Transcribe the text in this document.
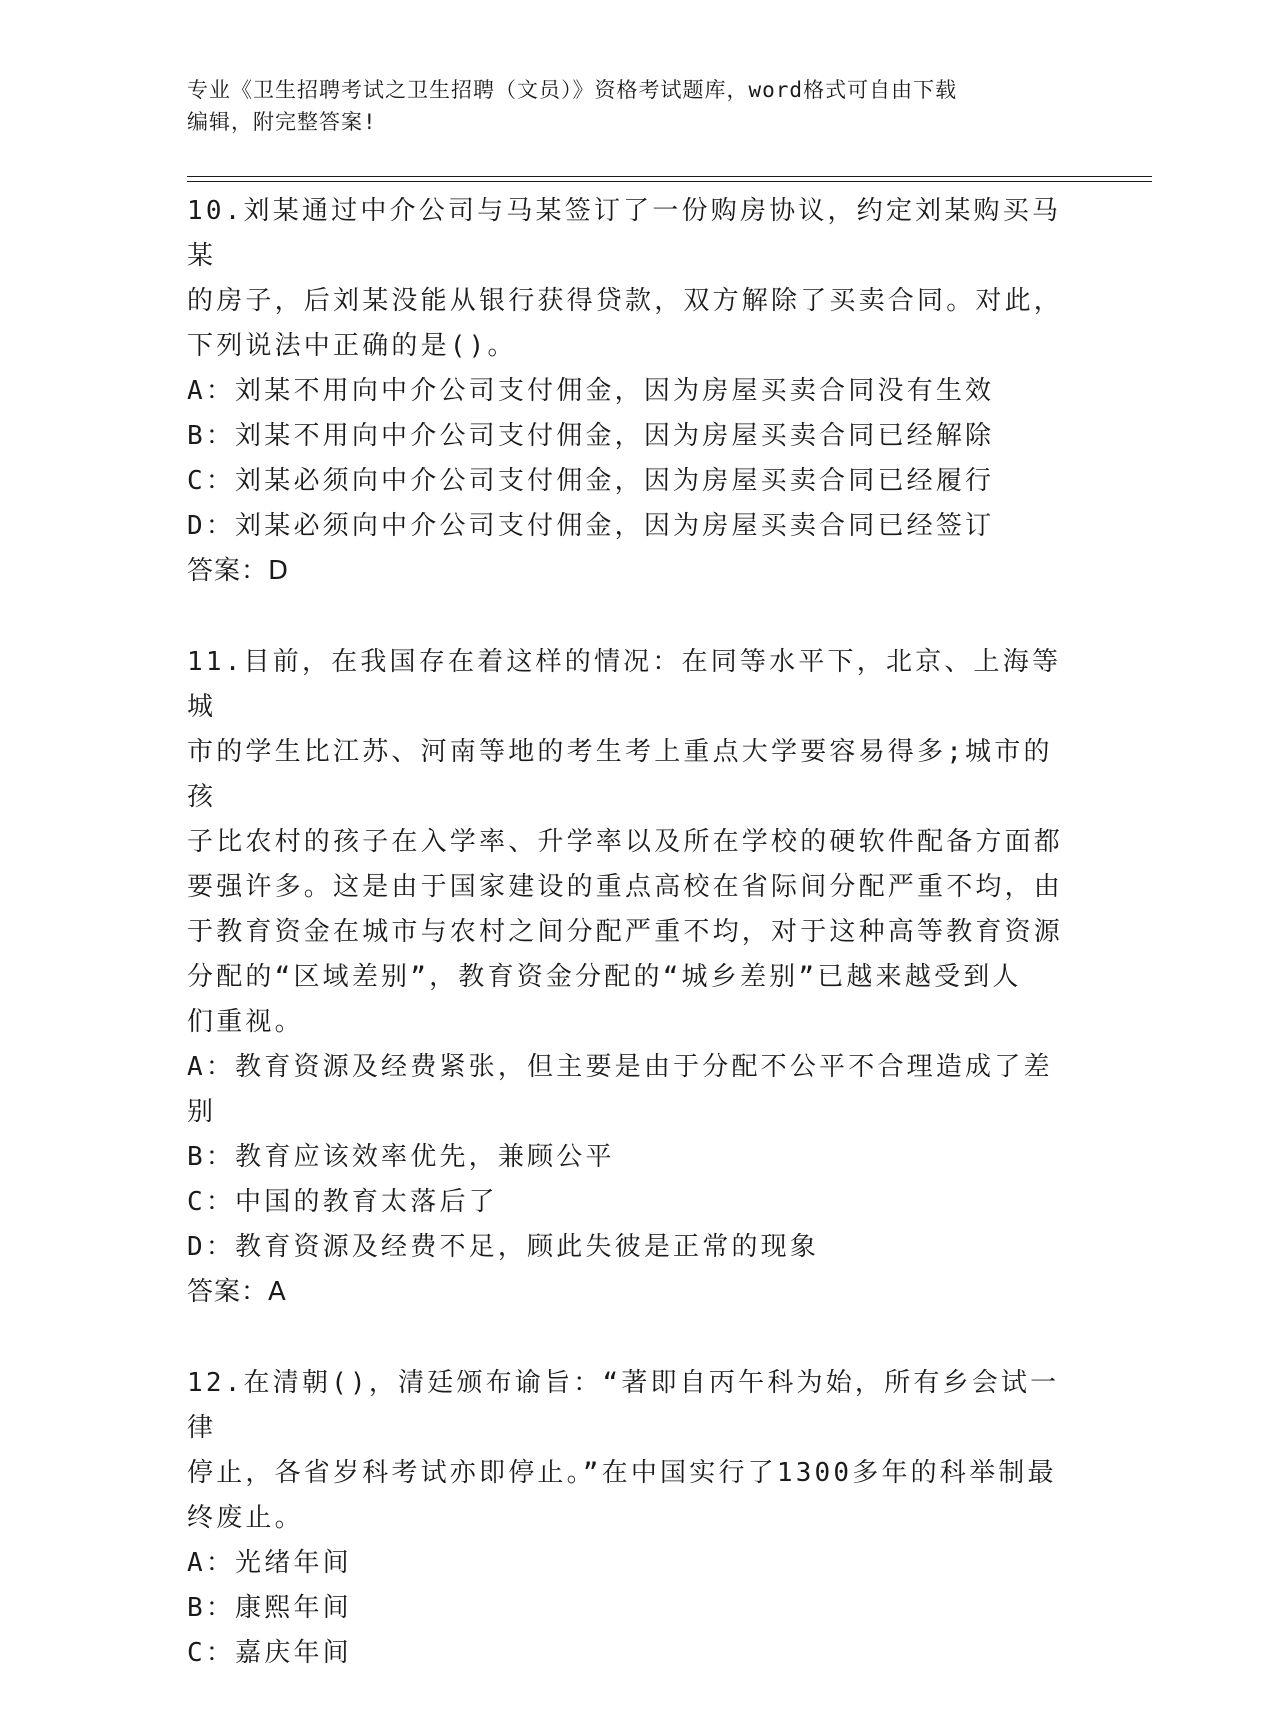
专业《卫生招聘考试之卫生招聘（文员）》资格考试题库，word格式可自由下载
编辑，附完整答案!

10.刘某通过中介公司与马某签订了一份购房协议，约定刘某购买马某

的房子，后刘某没能从银行获得贷款，双方解除了买卖合同。对此，

下列说法中正确的是()。

A：刘某不用向中介公司支付佣金，因为房屋买卖合同没有生效

B：刘某不用向中介公司支付佣金，因为房屋买卖合同已经解除

C：刘某必须向中介公司支付佣金，因为房屋买卖合同已经履行

D：刘某必须向中介公司支付佣金，因为房屋买卖合同已经签订

答案：D

11.目前，在我国存在着这样的情况：在同等水平下，北京、上海等城

市的学生比江苏、河南等地的考生考上重点大学要容易得多;城市的孩

子比农村的孩子在入学率、升学率以及所在学校的硬软件配备方面都

要强许多。这是由于国家建设的重点高校在省际间分配严重不均，由

于教育资金在城市与农村之间分配严重不均，对于这种高等教育资源

分配的“区域差别”，教育资金分配的“城乡差别”已越来越受到人

们重视。

A：教育资源及经费紧张，但主要是由于分配不公平不合理造成了差别

B：教育应该效率优先，兼顾公平

C：中国的教育太落后了

D：教育资源及经费不足，顾此失彼是正常的现象

答案：A

12.在清朝()，清廷颁布谕旨：“著即自丙午科为始，所有乡会试一律

停止，各省岁科考试亦即停止。”在中国实行了1300多年的科举制最

终废止。

A：光绪年间

B：康熙年间

C：嘉庆年间
